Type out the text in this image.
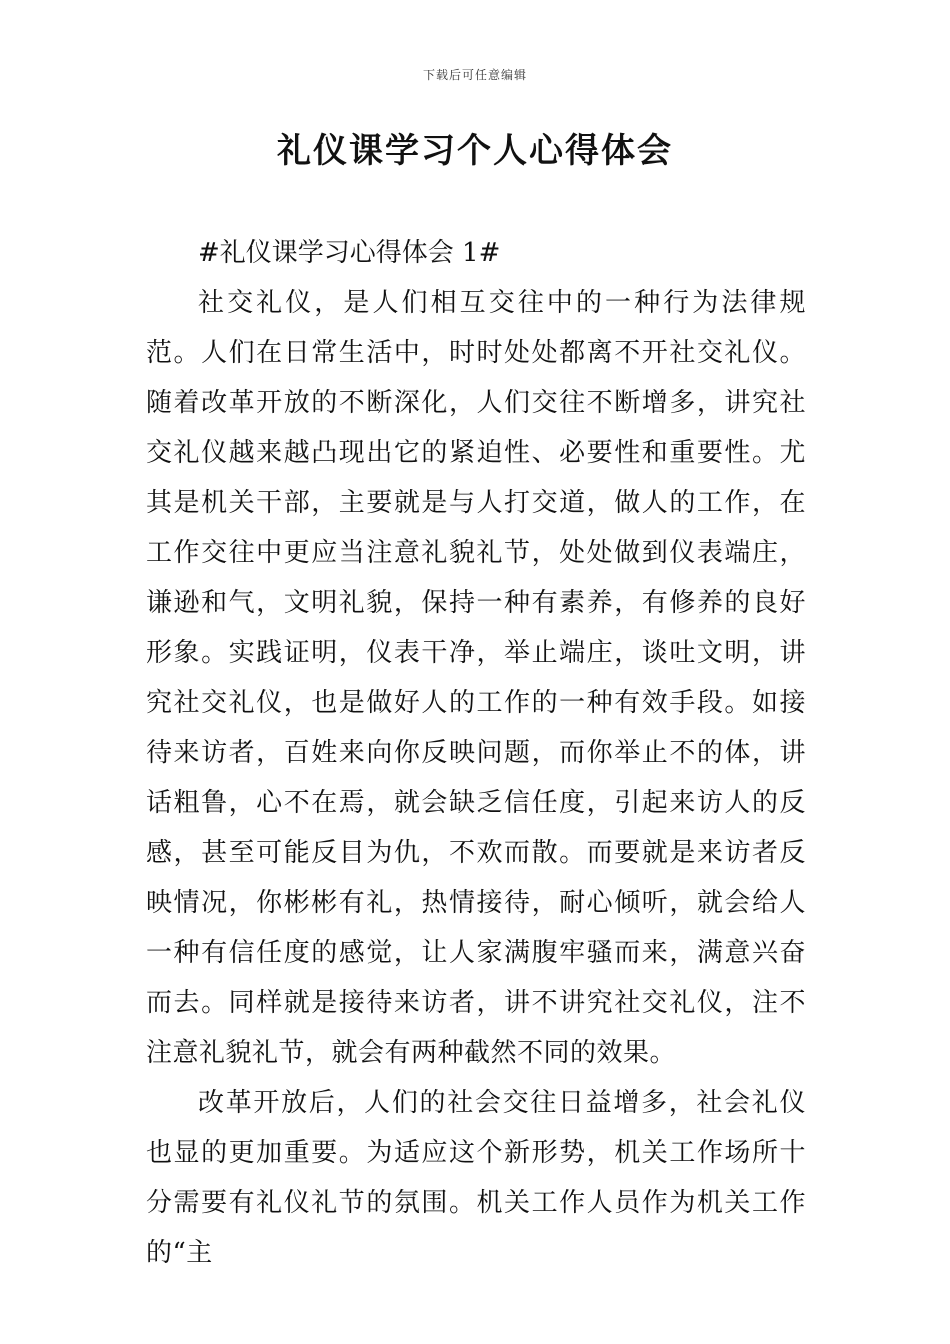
下载后可任意编辑
礼仪课学习个人心得体会

#礼仪课学习心得体会 1#

社交礼仪，是人们相互交往中的一种行为法律规范。人们在日常生活中，时时处处都离不开社交礼仪。随着改革开放的不断深化，人们交往不断增多，讲究社交礼仪越来越凸现出它的紧迫性、必要性和重要性。尤其是机关干部，主要就是与人打交道，做人的工作，在工作交往中更应当注意礼貌礼节，处处做到仪表端庄，谦逊和气，文明礼貌，保持一种有素养，有修养的良好形象。实践证明，仪表干净，举止端庄，谈吐文明，讲究社交礼仪，也是做好人的工作的一种有效手段。如接待来访者，百姓来向你反映问题，而你举止不的体，讲话粗鲁，心不在焉，就会缺乏信任度，引起来访人的反感，甚至可能反目为仇，不欢而散。而要就是来访者反映情况，你彬彬有礼，热情接待，耐心倾听，就会给人一种有信任度的感觉，让人家满腹牢骚而来，满意兴奋而去。同样就是接待来访者，讲不讲究社交礼仪，注不注意礼貌礼节，就会有两种截然不同的效果。

改革开放后，人们的社会交往日益增多，社会礼仪也显的更加重要。为适应这个新形势，机关工作场所十分需要有礼仪礼节的氛围。机关工作人员作为机关工作的“主
